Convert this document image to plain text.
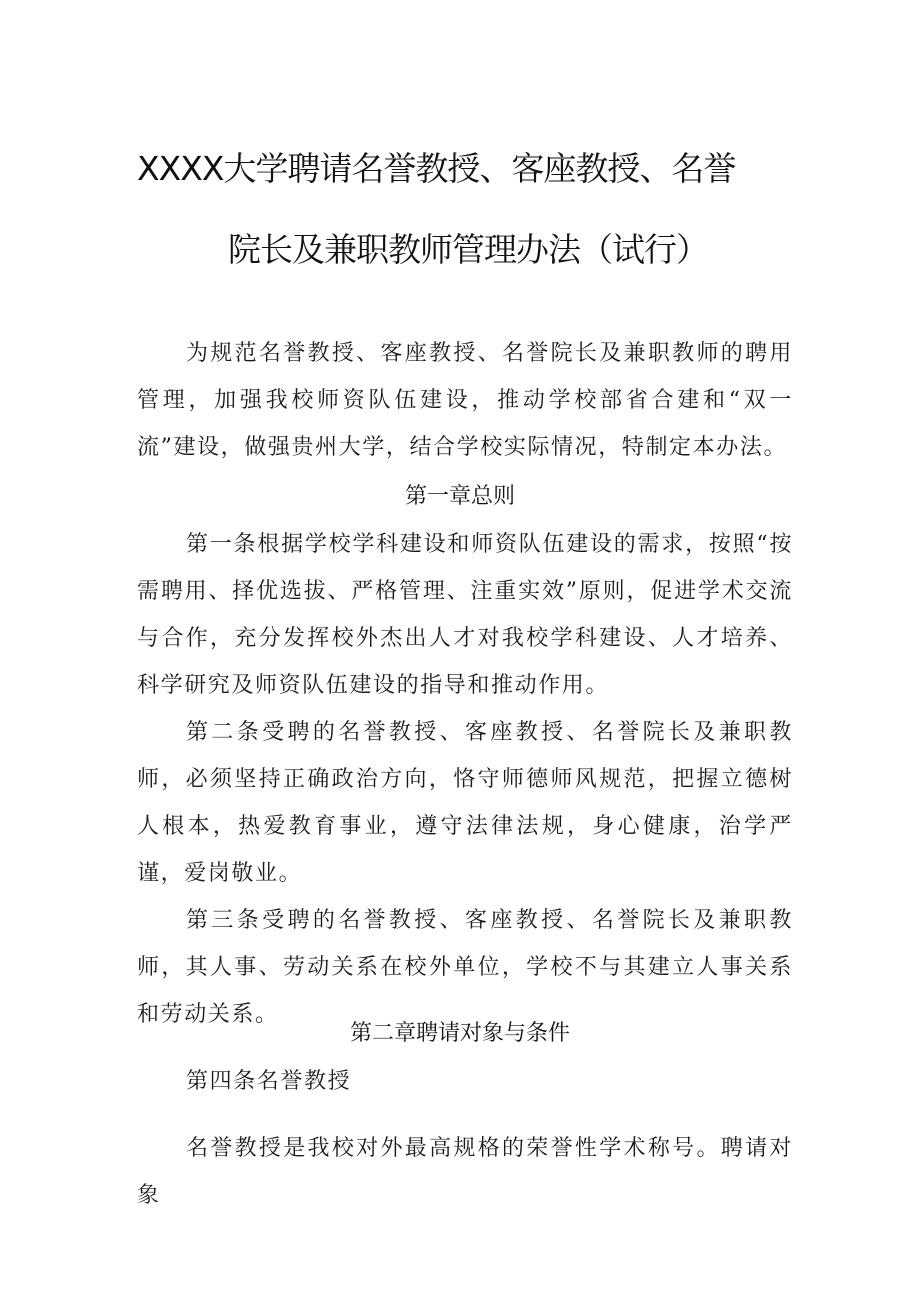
XXXX大学聘请名誉教授、客座教授、名誉
院长及兼职教师管理办法（试行）

为规范名誉教授、客座教授、名誉院长及兼职教师的聘用管理，加强我校师资队伍建设，推动学校部省合建和“双一流”建设，做强贵州大学，结合学校实际情况，特制定本办法。

第一章总则

第一条根据学校学科建设和师资队伍建设的需求，按照“按需聘用、择优选拔、严格管理、注重实效”原则，促进学术交流与合作，充分发挥校外杰出人才对我校学科建设、人才培养、科学研究及师资队伍建设的指导和推动作用。

第二条受聘的名誉教授、客座教授、名誉院长及兼职教师，必须坚持正确政治方向，恪守师德师风规范，把握立德树人根本，热爱教育事业，遵守法律法规，身心健康，治学严谨，爱岗敬业。

第三条受聘的名誉教授、客座教授、名誉院长及兼职教师，其人事、劳动关系在校外单位，学校不与其建立人事关系和劳动关系。

第二章聘请对象与条件

第四条名誉教授

名誉教授是我校对外最高规格的荣誉性学术称号。聘请对象
